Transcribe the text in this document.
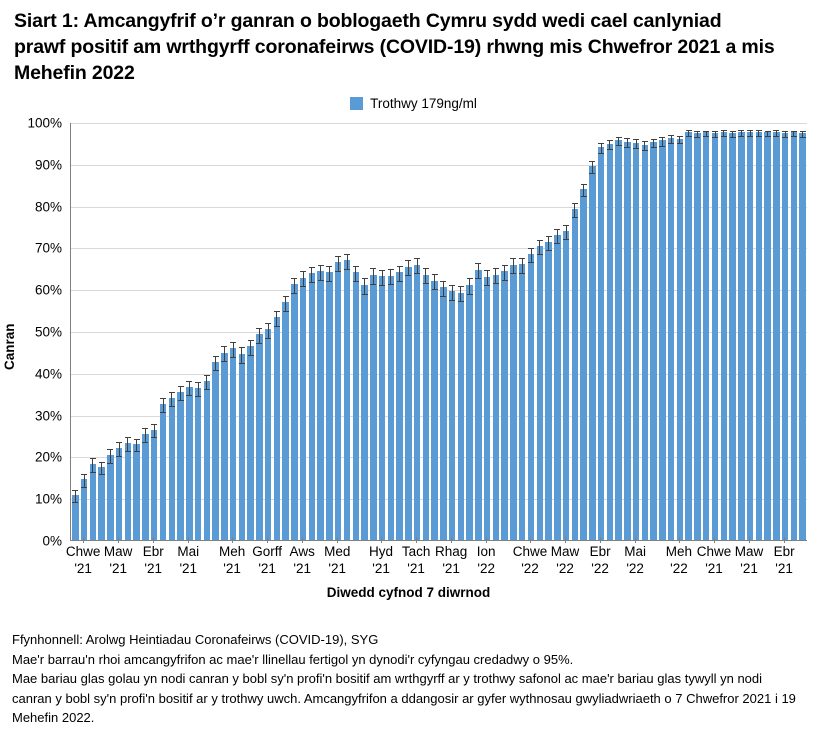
Siart 1: Amcangyfrif o’r ganran o boblogaeth Cymru sydd wedi cael canlyniad prawf positif am wrthgyrff coronafeirws (COVID-19) rhwng mis Chwefror 2021 a mis Mehefin 2022
Trothwy 179ng/ml
Canran
0%
10%
20%
30%
40%
50%
60%
70%
80%
90%
100%
Chwe
'21
Maw
'21
Ebr
'21
Mai
'21
Meh
'21
Gorff
'21
Aws
'21
Med
'21
Hyd
'21
Tach
'21
Rhag
'21
Ion
'22
Chwe
'22
Maw
'22
Ebr
'22
Mai
'22
Meh
'22
Chwe
'21
Maw
'21
Ebr
'21
Diwedd cyfnod 7 diwrnod

Ffynhonnell: Arolwg Heintiadau Coronafeirws (COVID-19), SYG

Mae'r barrau'n rhoi amcangyfrifon ac mae'r llinellau fertigol yn dynodi'r cyfyngau credadwy o 95%.

Mae bariau glas golau yn nodi canran y bobl sy'n profi'n bositif am wrthgyrff ar y trothwy safonol ac mae'r bariau glas tywyll yn nodi canran y bobl sy'n profi'n bositif ar y trothwy uwch. Amcangyfrifon a ddangosir ar gyfer wythnosau gwyliadwriaeth o 7 Chwefror 2021 i 19 Mehefin 2022.
